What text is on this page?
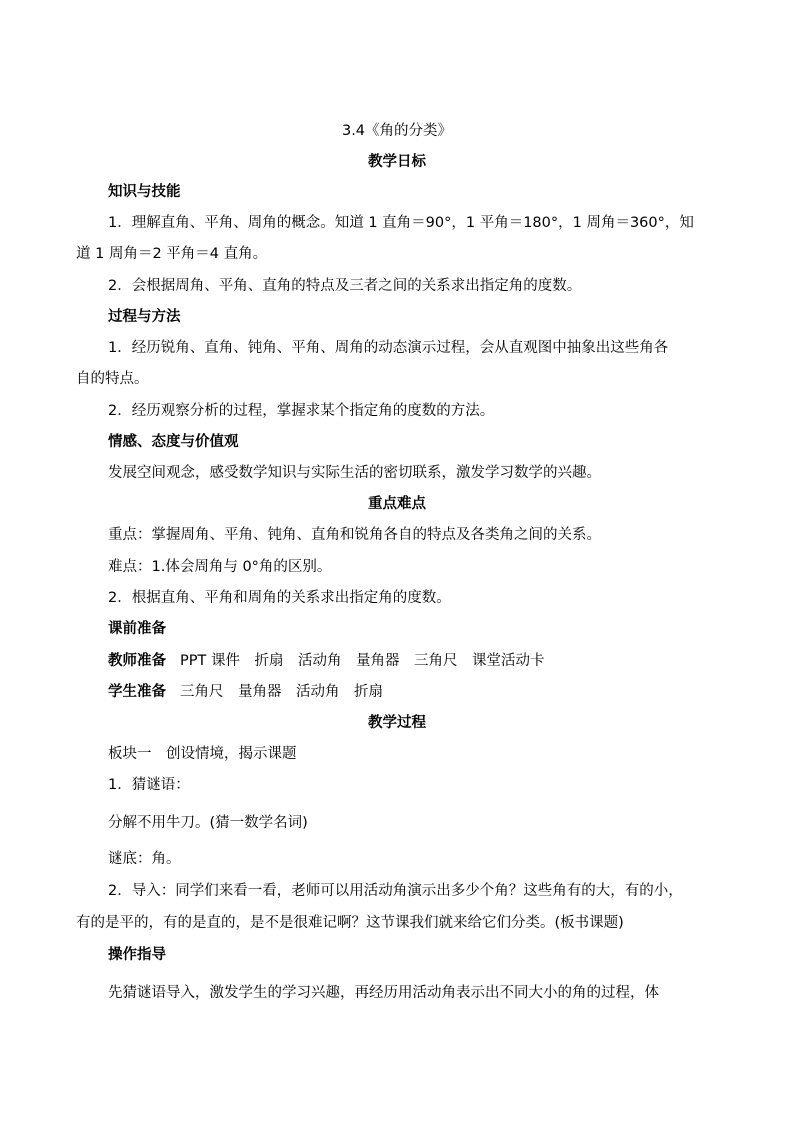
3.4《角的分类》
教学日标
知识与技能
1．理解直角、平角、周角的概念。知道 1 直角＝90°，1 平角＝180°，1 周角＝360°，知
道 1 周角＝2 平角＝4 直角。
2．会根据周角、平角、直角的特点及三者之间的关系求出指定角的度数。
过程与方法
1．经历锐角、直角、钝角、平角、周角的动态演示过程，会从直观图中抽象出这些角各
自的特点。
2．经历观察分析的过程，掌握求某个指定角的度数的方法。
情感、态度与价值观
发展空间观念，感受数学知识与实际生活的密切联系，激发学习数学的兴趣。
重点难点
重点：掌握周角、平角、钝角、直角和锐角各自的特点及各类角之间的关系。
难点：1.体会周角与 0°角的区别。
2．根据直角、平角和周角的关系求出指定角的度数。
课前准备
教师准备 PPT 课件　折扇　活动角　量角器　三角尺　课堂活动卡
学生准备 三角尺　量角器　活动角　折扇
教学过程
板块一　创设情境，揭示课题
1．猜谜语：
分解不用牛刀。(猜一数学名词)
谜底：角。
2．导入：同学们来看一看，老师可以用活动角演示出多少个角？这些角有的大，有的小，
有的是平的，有的是直的，是不是很难记啊？这节课我们就来给它们分类。(板书课题)
操作指导
先猜谜语导入，激发学生的学习兴趣，再经历用活动角表示出不同大小的角的过程，体
